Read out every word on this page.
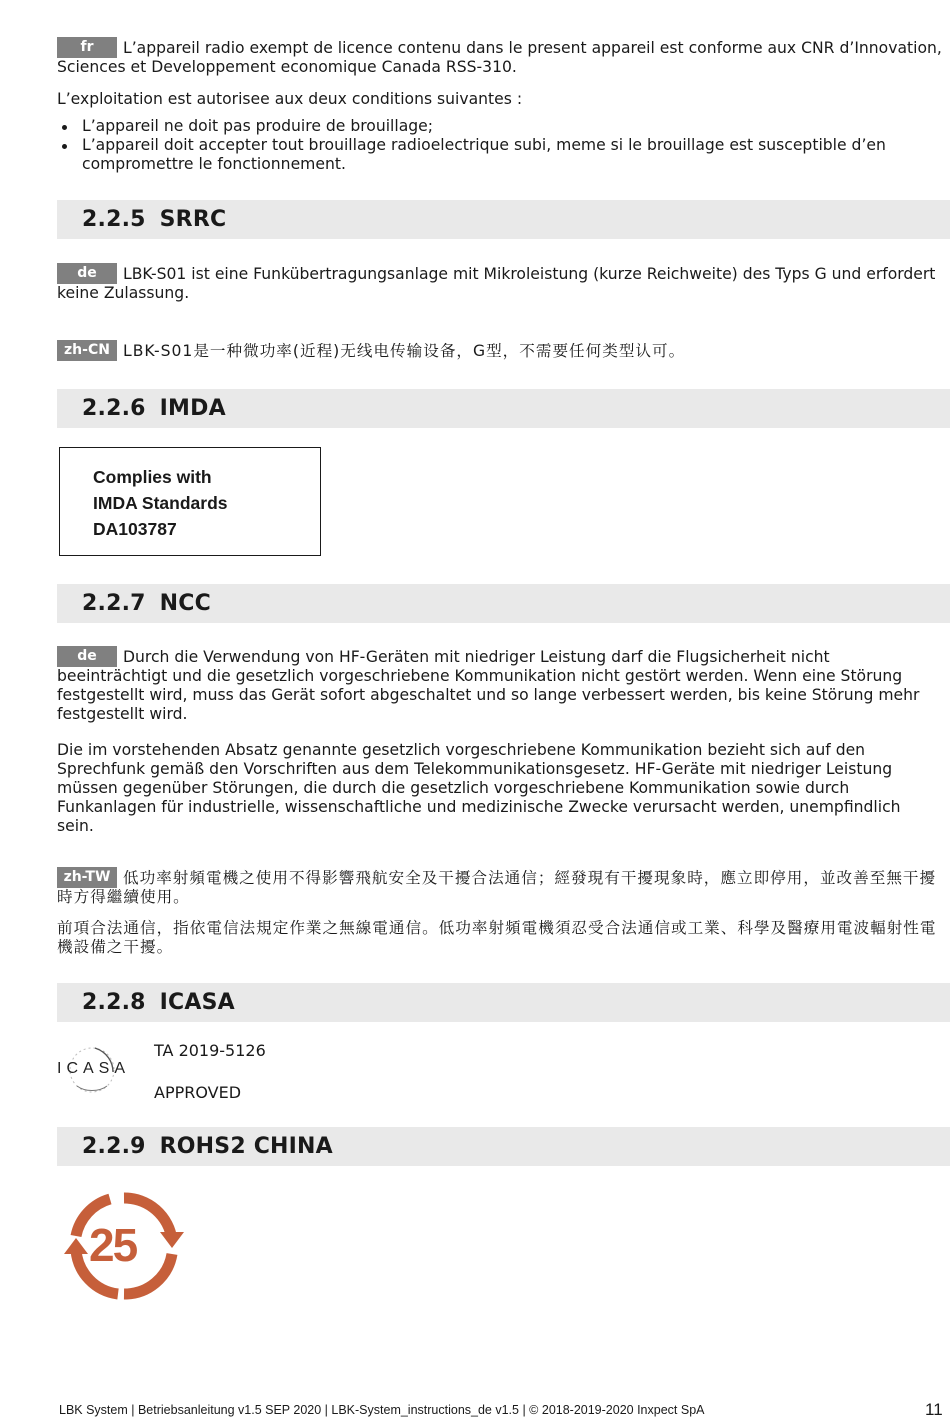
fr L’appareil radio exempt de licence contenu dans le present appareil est conforme aux CNR d’Innovation, Sciences et Developpement economique Canada RSS-310.

L’exploitation est autorisee aux deux conditions suivantes :

L’appareil ne doit pas produire de brouillage;
L’appareil doit accepter tout brouillage radioelectrique subi, meme si le brouillage est susceptible d’en compromettre le fonctionnement.
2.2.5 SRRC
de LBK-S01 ist eine Funkübertragungsanlage mit Mikroleistung (kurze Reichweite) des Typs G und erfordert keine Zulassung.
zh-CN LBK-S01是一种微功率(近程)无线电传输设备，G型，不需要任何类型认可。
2.2.6 IMDA
Complies with
IMDA Standards
DA103787
2.2.7 NCC
de Durch die Verwendung von HF-Geräten mit niedriger Leistung darf die Flugsicherheit nicht beeinträchtigt und die gesetzlich vorgeschriebene Kommunikation nicht gestört werden. Wenn eine Störung festgestellt wird, muss das Gerät sofort abgeschaltet und so lange verbessert werden, bis keine Störung mehr festgestellt wird.

Die im vorstehenden Absatz genannte gesetzlich vorgeschriebene Kommunikation bezieht sich auf den Sprechfunk gemäß den Vorschriften aus dem Telekommunikationsgesetz. HF-Geräte mit niedriger Leistung müssen gegenüber Störungen, die durch die gesetzlich vorgeschriebene Kommunikation sowie durch Funkanlagen für industrielle, wissenschaftliche und medizinische Zwecke verursacht werden, unempfindlich sein.

zh-TW 低功率射頻電機之使用不得影響飛航安全及干擾合法通信；經發現有干擾現象時，應立即停用，並改善至無干擾時方得繼續使用。

前項合法通信，指依電信法規定作業之無線電通信。低功率射頻電機須忍受合法通信或工業、科學及醫療用電波輻射性電機設備之干擾。

2.2.8 ICASA
ICASA
TA 2019-5126
APPROVED
2.2.9 ROHS2 CHINA
25
LBK System | Betriebsanleitung v1.5 SEP 2020 | LBK-System_instructions_de v1.5 | © 2018-2019-2020 Inxpect SpA	11
